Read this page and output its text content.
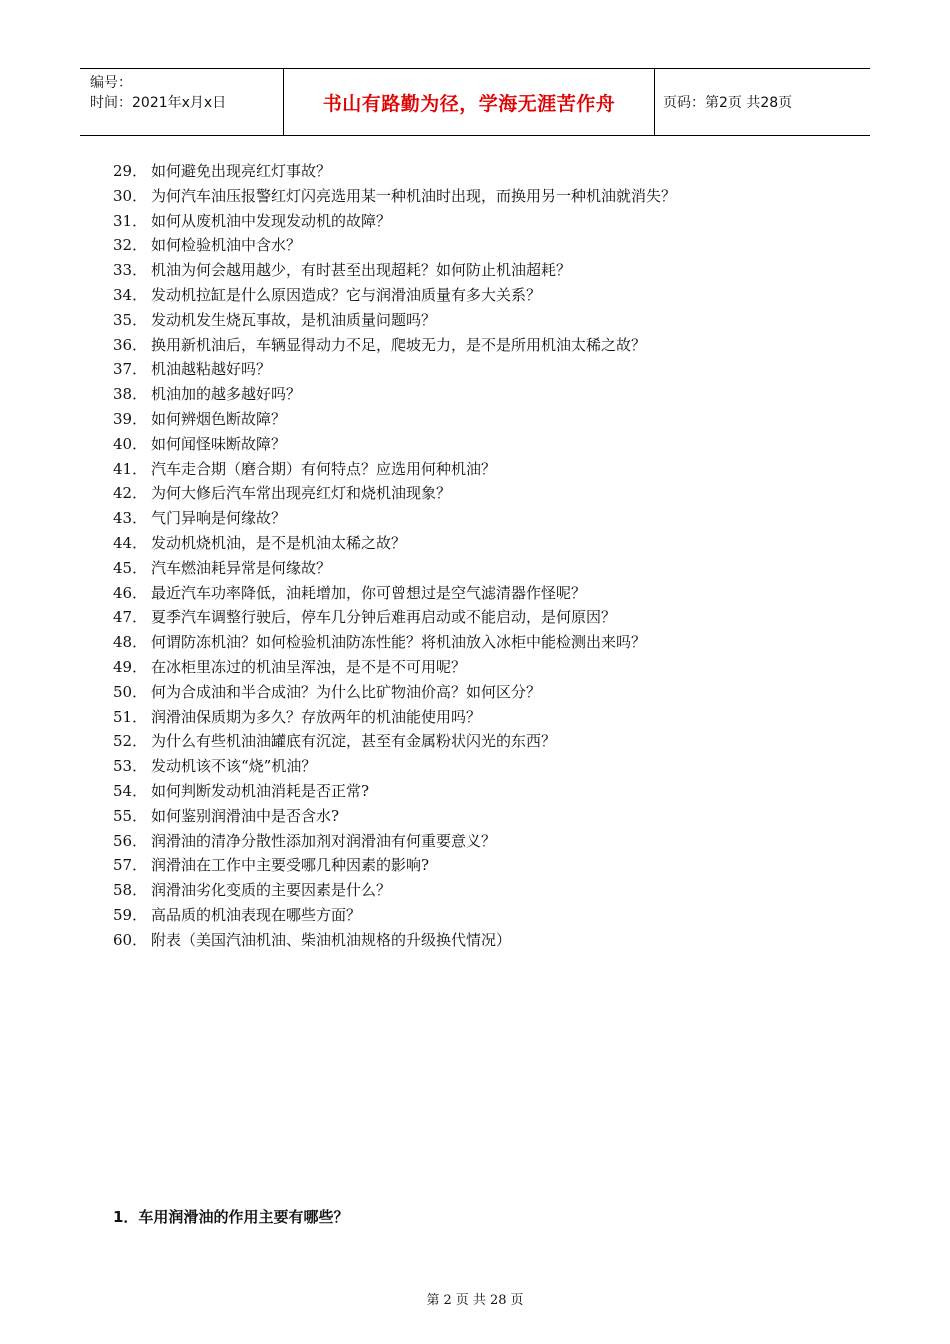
编号：
时间：2021年x月x日	书山有路勤为径，学海无涯苦作舟	页码：第2页 共28页
29． 如何避免出现亮红灯事故？
30． 为何汽车油压报警红灯闪亮选用某一种机油时出现，而换用另一种机油就消失？
31． 如何从废机油中发现发动机的故障？
32． 如何检验机油中含水？
33． 机油为何会越用越少，有时甚至出现超耗？如何防止机油超耗？
34． 发动机拉缸是什么原因造成？它与润滑油质量有多大关系？
35． 发动机发生烧瓦事故，是机油质量问题吗？
36． 换用新机油后，车辆显得动力不足，爬坡无力，是不是所用机油太稀之故？
37． 机油越粘越好吗？
38． 机油加的越多越好吗？
39． 如何辨烟色断故障？
40． 如何闻怪味断故障？
41． 汽车走合期（磨合期）有何特点？应选用何种机油？
42． 为何大修后汽车常出现亮红灯和烧机油现象？
43． 气门异响是何缘故？
44． 发动机烧机油，是不是机油太稀之故？
45． 汽车燃油耗异常是何缘故？
46． 最近汽车功率降低，油耗增加，你可曾想过是空气滤清器作怪呢？
47． 夏季汽车调整行驶后，停车几分钟后难再启动或不能启动，是何原因？
48． 何谓防冻机油？如何检验机油防冻性能？将机油放入冰柜中能检测出来吗？
49． 在冰柜里冻过的机油呈浑浊，是不是不可用呢？
50． 何为合成油和半合成油？为什么比矿物油价高？如何区分？
51． 润滑油保质期为多久？存放两年的机油能使用吗？
52． 为什么有些机油油罐底有沉淀，甚至有金属粉状闪光的东西？
53． 发动机该不该“烧”机油？
54． 如何判断发动机油消耗是否正常?
55． 如何鉴别润滑油中是否含水?
56． 润滑油的清净分散性添加剂对润滑油有何重要意义？
57． 润滑油在工作中主要受哪几种因素的影响?
58． 润滑油劣化变质的主要因素是什么？
59． 高品质的机油表现在哪些方面？
60． 附表（美国汽油机油、柴油机油规格的升级换代情况）
1．车用润滑油的作用主要有哪些？
第 2 页 共 28 页
